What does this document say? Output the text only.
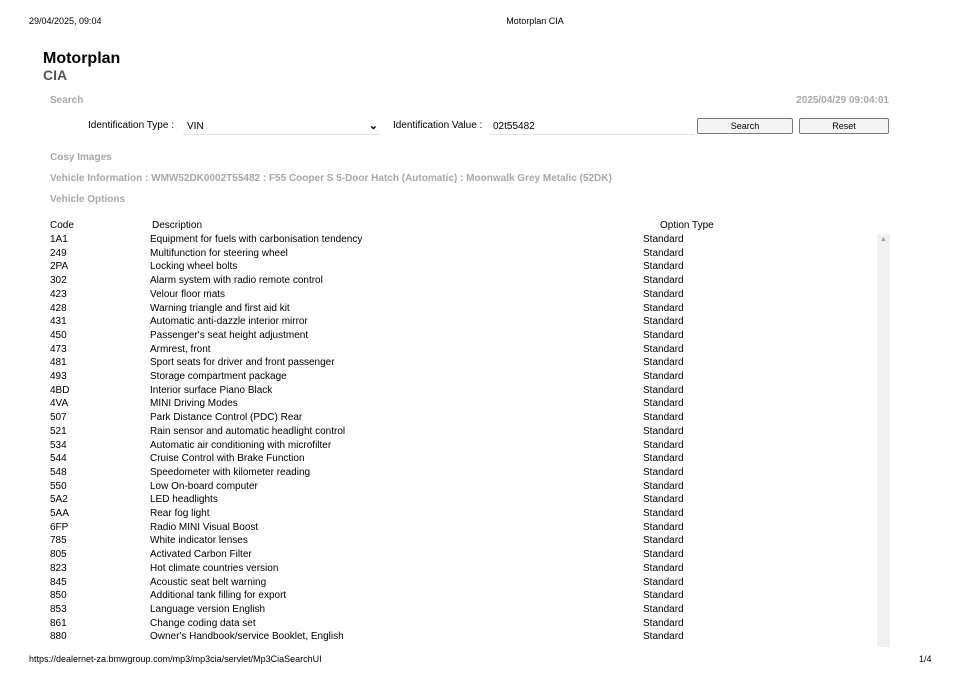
29/04/2025, 09:04	Motorplan CIA
Motorplan
CIA
Search	2025/04/29 09:04:01
Identification Type : VIN	⌄ Identification Value :
02t55482	Search	Reset
Cosy Images
Vehicle Information : WMW52DK0002T55482 : F55 Cooper S 5-Door Hatch (Automatic) : Moonwalk Grey Metalic (52DK)
Vehicle Options
Code	Description	Option Type
1A1	Equipment for fuels with carbonisation tendency	Standard
249	Multifunction for steering wheel	Standard
2PA	Locking wheel bolts	Standard
302	Alarm system with radio remote control	Standard
423	Velour floor mats	Standard
428	Warning triangle and first aid kit	Standard
431	Automatic anti-dazzle interior mirror	Standard
450	Passenger's seat height adjustment	Standard
473	Armrest, front	Standard
481	Sport seats for driver and front passenger	Standard
493	Storage compartment package	Standard
4BD	Interior surface Piano Black	Standard
4VA	MINI Driving Modes	Standard
507	Park Distance Control (PDC) Rear	Standard
521	Rain sensor and automatic headlight control	Standard
534	Automatic air conditioning with microfilter	Standard
544	Cruise Control with Brake Function	Standard
548	Speedometer with kilometer reading	Standard
550	Low On-board computer	Standard
5A2	LED headlights	Standard
5AA	Rear fog light	Standard
6FP	Radio MINI Visual Boost	Standard
785	White indicator lenses	Standard
805	Activated Carbon Filter	Standard
823	Hot climate countries version	Standard
845	Acoustic seat belt warning	Standard
850	Additional tank filling for export	Standard
853	Language version English	Standard
861	Change coding data set	Standard
880	Owner's Handbook/service Booklet, English	Standard
▲
https://dealernet-za.bmwgroup.com/mp3/mp3cia/servlet/Mp3CiaSearchUI	1/4
